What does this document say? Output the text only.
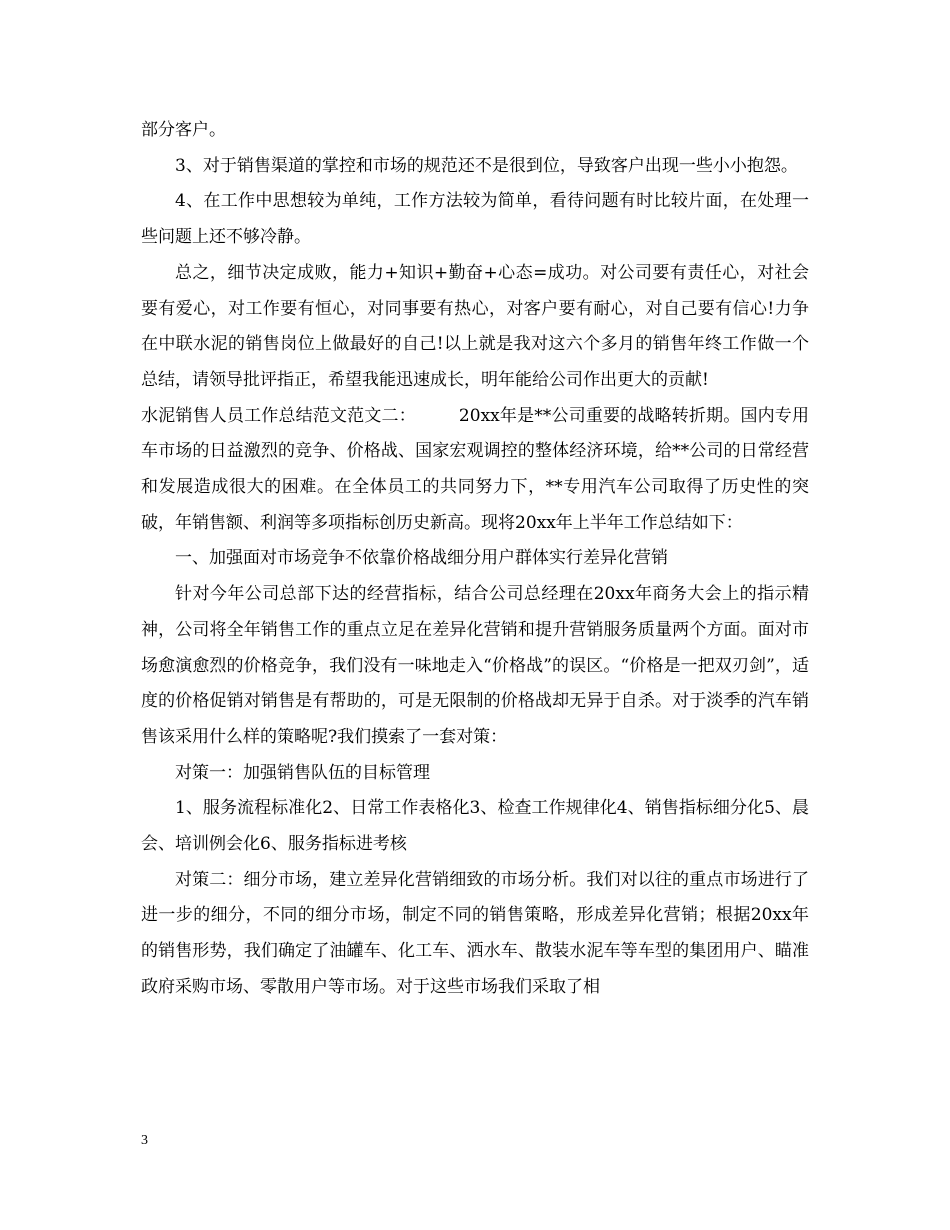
部分客户。

3、对于销售渠道的掌控和市场的规范还不是很到位，导致客户出现一些小小抱怨。

4、在工作中思想较为单纯，工作方法较为简单，看待问题有时比较片面，在处理一些问题上还不够冷静。

总之，细节决定成败，能力+知识+勤奋+心态=成功。对公司要有责任心，对社会要有爱心，对工作要有恒心，对同事要有热心，对客户要有耐心，对自己要有信心!力争在中联水泥的销售岗位上做最好的自己!以上就是我对这六个多月的销售年终工作做一个总结，请领导批评指正，希望我能迅速成长，明年能给公司作出更大的贡献!

水泥销售人员工作总结范文范文二：　　　20xx年是**公司重要的战略转折期。国内专用车市场的日益激烈的竞争、价格战、国家宏观调控的整体经济环境，给**公司的日常经营和发展造成很大的困难。在全体员工的共同努力下，**专用汽车公司取得了历史性的突破，年销售额、利润等多项指标创历史新高。现将20xx年上半年工作总结如下：

一、加强面对市场竞争不依靠价格战细分用户群体实行差异化营销

针对今年公司总部下达的经营指标，结合公司总经理在20xx年商务大会上的指示精神，公司将全年销售工作的重点立足在差异化营销和提升营销服务质量两个方面。面对市场愈演愈烈的价格竞争，我们没有一味地走入“价格战”的误区。“价格是一把双刃剑”，适度的价格促销对销售是有帮助的，可是无限制的价格战却无异于自杀。对于淡季的汽车销售该采用什么样的策略呢?我们摸索了一套对策：

对策一：加强销售队伍的目标管理

1、服务流程标准化2、日常工作表格化3、检查工作规律化4、销售指标细分化5、晨会、培训例会化6、服务指标进考核

对策二：细分市场，建立差异化营销细致的市场分析。我们对以往的重点市场进行了进一步的细分，不同的细分市场，制定不同的销售策略，形成差异化营销；根据20xx年的销售形势，我们确定了油罐车、化工车、洒水车、散装水泥车等车型的集团用户、瞄准政府采购市场、零散用户等市场。对于这些市场我们采取了相

3
